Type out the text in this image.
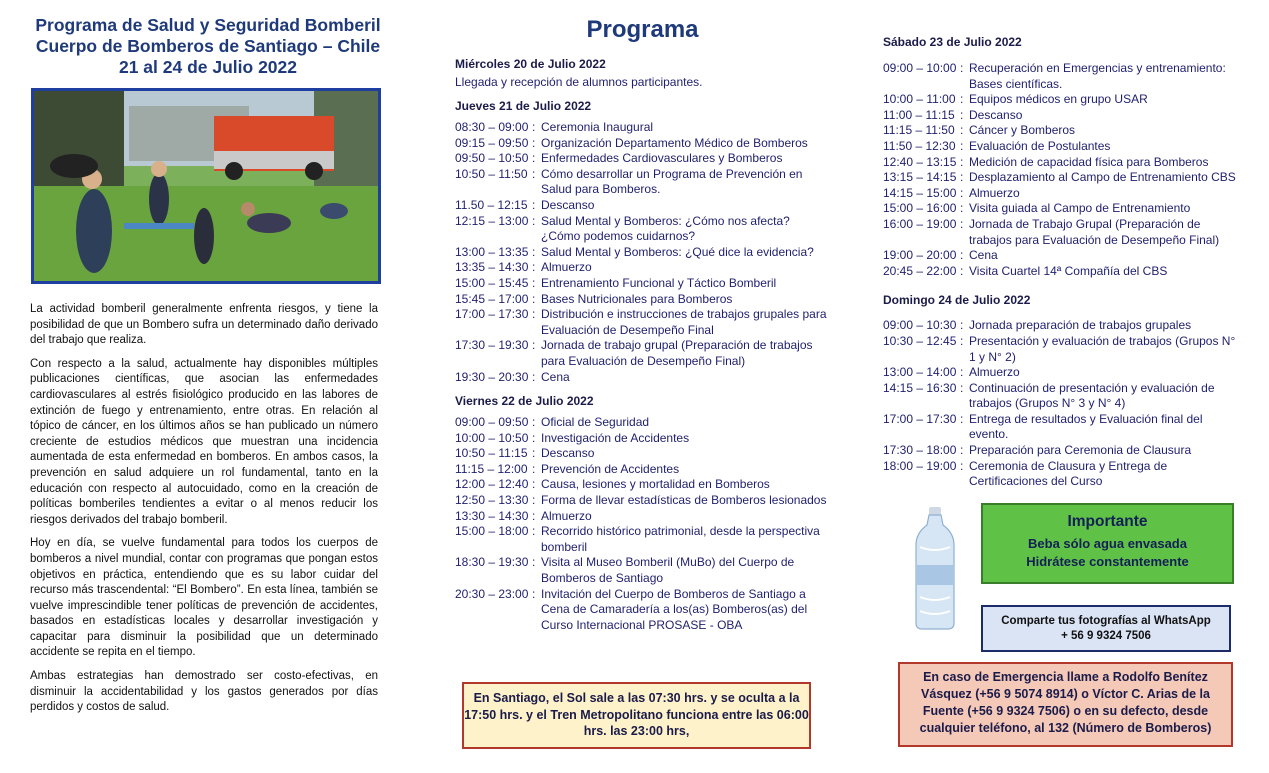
Programa de Salud y Seguridad Bomberil
Cuerpo de Bomberos de Santiago – Chile
21 al 24 de Julio 2022

La actividad bomberil generalmente enfrenta riesgos, y tiene la posibilidad de que un Bombero sufra un determinado daño derivado del trabajo que realiza.

Con respecto a la salud, actualmente hay disponibles múltiples publicaciones científicas, que asocian las enfermedades cardiovasculares al estrés fisiológico producido en las labores de extinción de fuego y entrenamiento, entre otras. En relación al tópico de cáncer, en los últimos años se han publicado un número creciente de estudios médicos que muestran una incidencia aumentada de esta enfermedad en bomberos. En ambos casos, la prevención en salud adquiere un rol fundamental, tanto en la educación con respecto al autocuidado, como en la creación de políticas bomberiles tendientes a evitar o al menos reducir los riesgos derivados del trabajo bomberil.

Hoy en día, se vuelve fundamental para todos los cuerpos de bomberos a nivel mundial, contar con programas que pongan estos objetivos en práctica, entendiendo que es su labor cuidar del recurso más trascendental: “El Bombero”. En esta línea, también se vuelve imprescindible tener políticas de prevención de accidentes, basados en estadísticas locales y desarrollar investigación y capacitar para disminuir la posibilidad que un determinado accidente se repita en el tiempo.

Ambas estrategias han demostrado ser costo-efectivas, en disminuir la accidentabilidad y los gastos generados por días perdidos y costos de salud.

Programa
Miércoles 20 de Julio 2022
Llegada y recepción de alumnos participantes.
Jueves 21 de Julio 2022
08:30 – 09:00 : Ceremonia Inaugural
09:15 – 09:50 : Organización Departamento Médico de Bomberos
09:50 – 10:50 : Enfermedades Cardiovasculares y Bomberos
10:50 – 11:50 : Cómo desarrollar un Programa de Prevención en Salud para Bomberos.
11.50 – 12:15 : Descanso
12:15 – 13:00 : Salud Mental y Bomberos: ¿Cómo nos afecta? ¿Cómo podemos cuidarnos?
13:00 – 13:35 : Salud Mental y Bomberos: ¿Qué dice la evidencia?
13:35 – 14:30 : Almuerzo
15:00 – 15:45 : Entrenamiento Funcional y Táctico Bomberil
15:45 – 17:00 : Bases Nutricionales para Bomberos
17:00 – 17:30 : Distribución e instrucciones de trabajos grupales para Evaluación de Desempeño Final
17:30 – 19:30 : Jornada de trabajo grupal (Preparación de trabajos para Evaluación de Desempeño Final)
19:30 – 20:30 : Cena
Viernes 22 de Julio 2022
09:00 – 09:50 : Oficial de Seguridad
10:00 – 10:50 : Investigación de Accidentes
10:50 – 11:15 : Descanso
11:15 – 12:00 : Prevención de Accidentes
12:00 – 12:40 : Causa, lesiones y mortalidad en Bomberos
12:50 – 13:30 : Forma de llevar estadísticas de Bomberos lesionados
13:30 – 14:30 : Almuerzo
15:00 – 18:00 : Recorrido histórico patrimonial, desde la perspectiva bomberil
18:30 – 19:30 : Visita al Museo Bomberil (MuBo) del Cuerpo de Bomberos de Santiago
20:30 – 23:00 : Invitación del Cuerpo de Bomberos de Santiago a Cena de Camaradería a los(as) Bomberos(as) del Curso Internacional PROSASE - OBA
En Santiago, el Sol sale a las 07:30 hrs. y se oculta a la 17:50 hrs. y el Tren Metropolitano funciona entre las 06:00 hrs. las 23:00 hrs,
Sábado 23 de Julio 2022
09:00 – 10:00 : Recuperación en Emergencias y entrenamiento: Bases científicas.
10:00 – 11:00 : Equipos médicos en grupo USAR
11:00 – 11:15 : Descanso
11:15 – 11:50 : Cáncer y Bomberos
11:50 – 12:30 : Evaluación de Postulantes
12:40 – 13:15 : Medición de capacidad física para Bomberos
13:15 – 14:15 : Desplazamiento al Campo de Entrenamiento CBS
14:15 – 15:00 : Almuerzo
15:00 – 16:00 : Visita guiada al Campo de Entrenamiento
16:00 – 19:00 : Jornada de Trabajo Grupal (Preparación de trabajos para Evaluación de Desempeño Final)
19:00 – 20:00 : Cena
20:45 – 22:00 : Visita Cuartel 14ª Compañía del CBS
Domingo 24 de Julio 2022
09:00 – 10:30 : Jornada preparación de trabajos grupales
10:30 – 12:45 : Presentación y evaluación de trabajos (Grupos N° 1 y N° 2)
13:00 – 14:00 : Almuerzo
14:15 – 16:30 : Continuación de presentación y evaluación de trabajos (Grupos N° 3 y N° 4)
17:00 – 17:30 : Entrega de resultados y Evaluación final del evento.
17:30 – 18:00 : Preparación para Ceremonia de Clausura
18:00 – 19:00 : Ceremonia de Clausura y Entrega de Certificaciones del Curso
Importante
Beba sólo agua envasada
Hidrátese constantemente
Comparte tus fotografías al WhatsApp
+ 56 9 9324 7506
En caso de Emergencia llame a Rodolfo Benítez Vásquez (+56 9 5074 8914) o Víctor C. Arias de la Fuente (+56 9 9324 7506) o en su defecto, desde cualquier teléfono, al 132 (Número de Bomberos)
